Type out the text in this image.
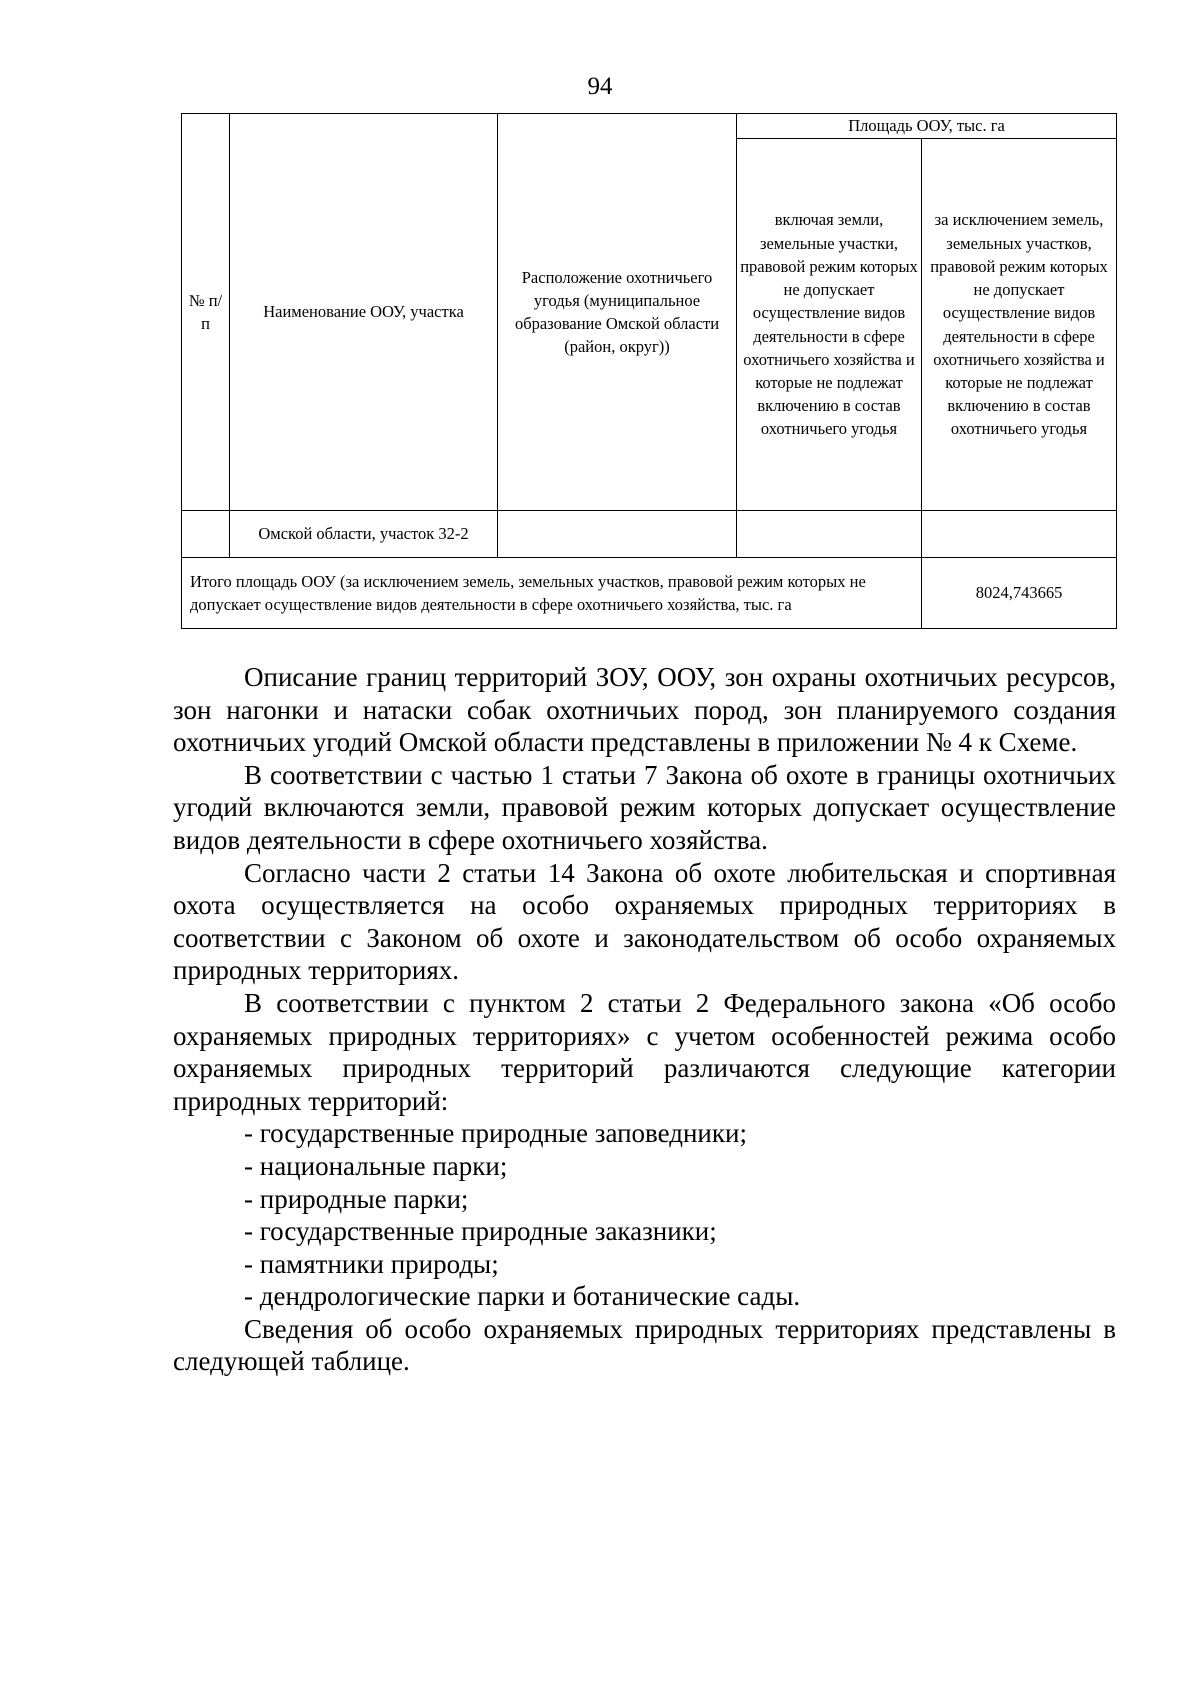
94
№ п/п	Наименование ООУ, участка	Расположение охотничьего угодья (муниципальное образование Омской области (район, округ))	Площадь ООУ, тыс. га	
			включая земли, земельные участки, правовой режим которых не допускает осуществление видов деятельности в сфере охотничьего хозяйства и которые не подлежат включению в состав охотничьего угодья	за исключением земель, земельных участков, правовой режим которых не допускает осуществление видов деятельности в сфере охотничьего хозяйства и которые не подлежат включению в состав охотничьего угодья
	Омской области, участок 32-2			
Итого площадь ООУ (за исключением земель, земельных участков, правовой режим которых не допускает осуществление видов деятельности в сфере охотничьего хозяйства, тыс. га				8024,743665

Описание границ территорий ЗОУ, ООУ, зон охраны охотничьих ресурсов, зон нагонки и натаски собак охотничьих пород, зон планируемого создания охотничьих угодий Омской области представлены в приложении № 4 к Схеме.

В соответствии с частью 1 статьи 7 Закона об охоте в границы охотничьих угодий включаются земли, правовой режим которых допускает осуществление видов деятельности в сфере охотничьего хозяйства.

Согласно части 2 статьи 14 Закона об охоте любительская и спортивная охота осуществляется на особо охраняемых природных территориях в соответствии с Законом об охоте и законодательством об особо охраняемых природных территориях.

В соответствии с пунктом 2 статьи 2 Федерального закона «Об особо охраняемых природных территориях» с учетом особенностей режима особо охраняемых природных территорий различаются следующие категории природных территорий:

- государственные природные заповедники;

- национальные парки;

- природные парки;

- государственные природные заказники;

- памятники природы;

- дендрологические парки и ботанические сады.

Сведения об особо охраняемых природных территориях представлены в следующей таблице.
